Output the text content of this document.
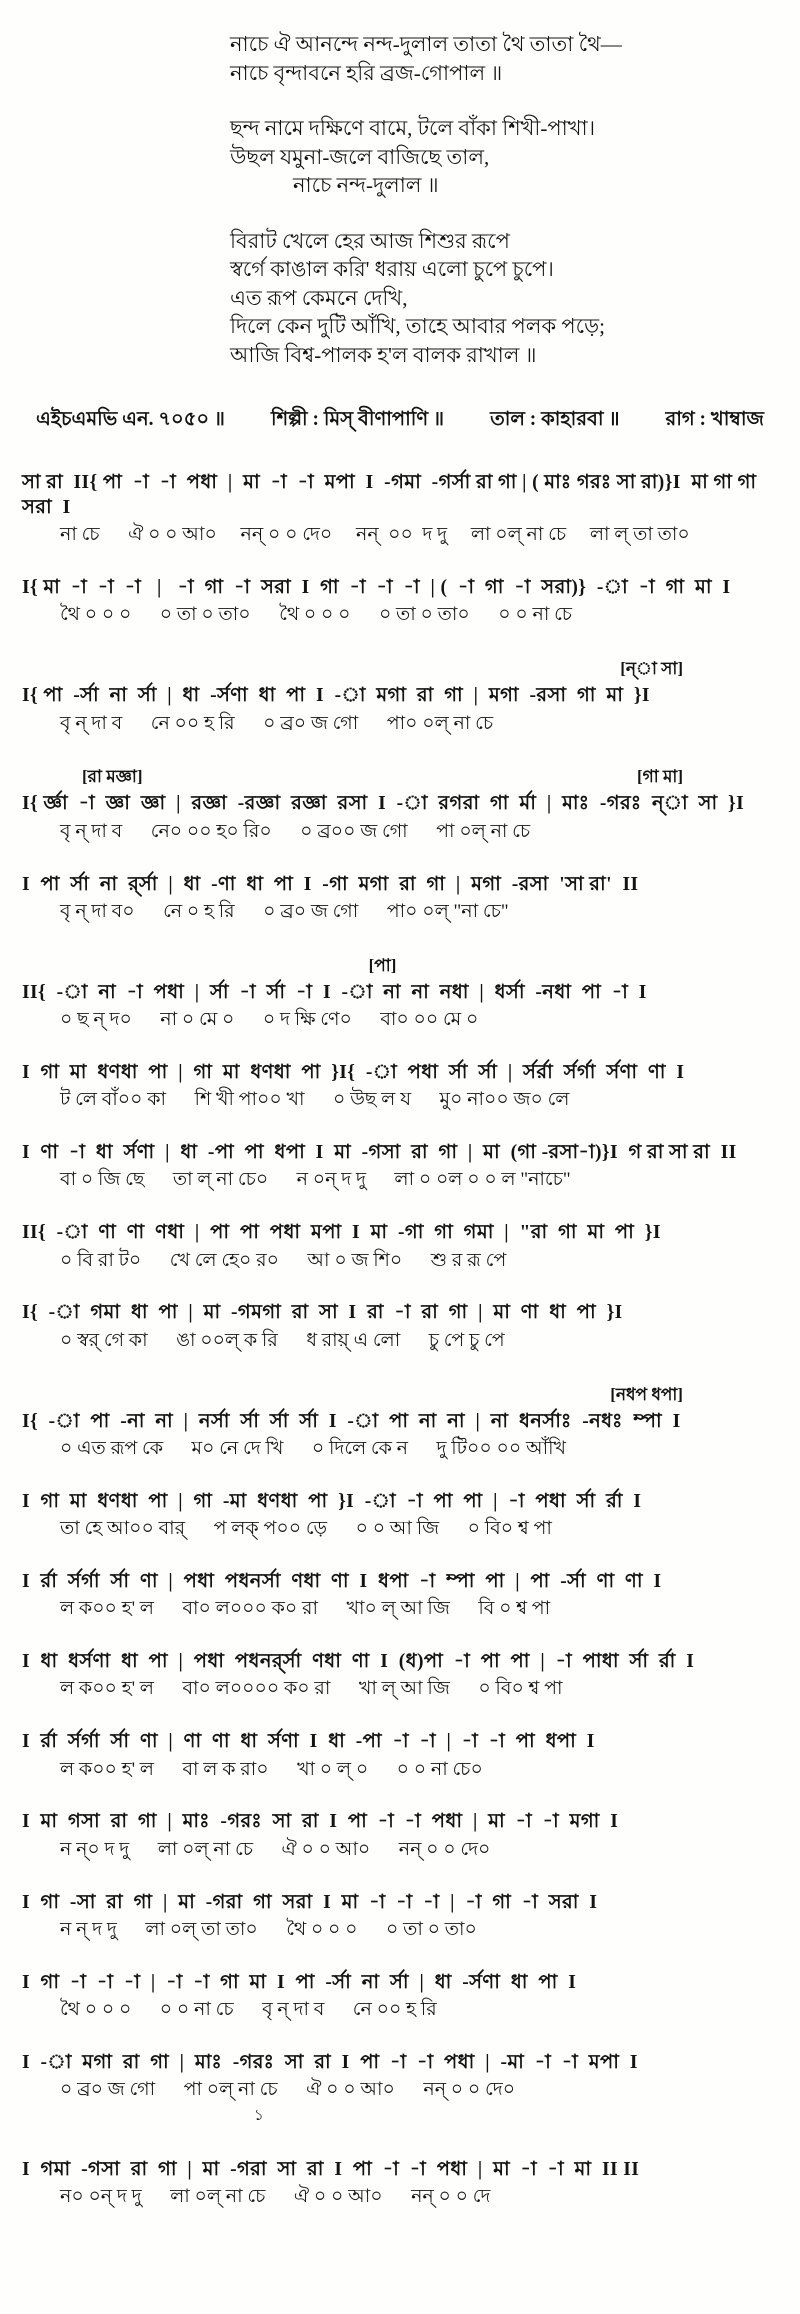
নাচে ঐ আনন্দে নন্দ-দুলাল তাতা থৈ তাতা থৈ—
নাচে বৃন্দাবনে হরি ব্রজ-গোপাল ॥
ছন্দ নামে দক্ষিণে বামে, টলে বাঁকা শিখী-পাখা।
উছল যমুনা-জলে বাজিছে তাল,
নাচে নন্দ-দুলাল ॥
বিরাট খেলে হের আজ শিশুর রূপে
স্বর্গে কাঙাল করি' ধরায় এলো চুপে চুপে।
এত রূপ কেমনে দেখি,
দিলে কেন দুটি আঁখি, তাহে আবার পলক পড়ে;
আজি বিশ্ব-পালক হ'ল বালক রাখাল ॥
এইচএমভি এন. ৭০৫০ ॥ শিল্পী : মিস্ বীণাপাণি ॥ তাল : কাহারবা ॥ রাগ : খাম্বাজ
সা রা  II{ পা  -া  -া  পধা  |  মা  -া  -া  মপা  I  -গমা  -গর্সা রা গা | ( মাঃ গরঃ সা রা)}I  মা গা গা সরা  I
না চে      ঐ ০ ০ আ০     নন্ ০ ০ দে০     নন্  ০০  দ দু     লা ০ল্ না চে     লা ল্ তা তা০
I{ মা  -া  -া  -া   |   -া  গা  -া  সরা  I  গা  -া  -া  -া  | (  -া  গা  -া  সরা)}  -া  -া  গা  মা  I
থৈ ০ ০ ০      ০ তা ০ তা০      থৈ ০ ০ ০      ০ তা ০ তা০      ০ ০ না চে
[ন্া সা]
I{ পা  -র্সা  না  র্সা  |  ধা  -র্সণা  ধা  পা  I  -া  মগা  রা  গা  |  মগা  -রসা  গা  মা  }I
বৃ ন্ দা ব      নে ০০ হ রি      ০ ব্র০ জ গো      পা০ ০ল্ না চে
[রা মজ্ঞা]	[গা মা]
I{ র্জ্ঞা  -া  জ্ঞা  জ্ঞা  |  রজ্ঞা  -রজ্ঞা  রজ্ঞা  রসা  I  -া  রগরা  গা  র্মা  |  মাঃ  -গরঃ  ন্া  সা  }I
বৃ ন্ দা ব      নে০ ০০ হ০ রি০      ০ ব্র০০ জ গো      পা ০ল্ না চে
I  পা  র্সা  না  র্র্সা  |  ধা  -ণা  ধা  পা  I  -গা  মগা  রা  গা  |  মগা  -রসা  'সা রা'  II
বৃ ন্ দা ব০      নে ০ হ রি      ০ ব্র০ জ গো      পা০ ০ল্ "না চে"
[পা]
II{  -া  না  -া  পধা  |  র্সা  -া  র্সা  -া  I  -া  না  না  নধা  |  ধর্সা  -নধা  পা  -া  I
০ ছ ন্ দ০      না ০ মে ০      ০ দ ক্ষি ণে০      বা০ ০০ মে ০
I  গা  মা  ধণধা  পা  |  গা  মা  ধণধা  পা  }I{  -া  পধা  র্সা  র্সা  |  র্সর্রা  র্সর্গা  র্সণা  ণা  I
ট লে বাঁ০০ কা      শি খী পা০০ খা      ০ উছ ল য      মু০ না০০ জ০ লে
I  ণা  -া  ধা  র্সণা  |  ধা  -পা  পা  ধপা  I  মা  -গসা  রা  গা  |  মা  (গা -রসা-া)}I  গ রা সা রা  II
বা ০ জি ছে      তা ল্ না চে০      ন ০ন্ দ দু      লা ০ ০ল ০ ০ ল "নাচে"
II{  -া  ণা  ণা  ণধা  |  পা  পা  পধা  মপা  I  মা  -গা  গা  গমা  |  "রা  গা  মা  পা  }I
০ বি রা ট০      খে লে হে০ র০      আ ০ জ শি০      শু র রূ পে
I{  -া  গমা  ধা  পা  |  মা  -গমগা  রা  সা  I  রা  -া  রা  গা  |  মা  ণা  ধা  পা  }I
০ স্বর্ গে কা      ঙা ০০ল্ ক রি      ধ রায়্ এ লো      চু পে চু পে
[নধপ ধপা]
I{  -া  পা  -না  না  |  নর্সা  র্সা  র্সা  র্সা  I  -া  পা  না  না  |  না  ধনর্সাঃ  -নধঃ  ম্পা  I
০ এত রূপ কে      ম০ নে দে খি      ০ দিলে কে ন      দু টি০০ ০০ আঁখি
I  গা  মা  ধণধা  পা  |  গা  -মা  ধণধা  পা  }I  -া  -া  পা  পা  |  -া  পধা  র্সা  র্রা  I
তা হে আ০০ বার্      প লক্ প০০ ড়ে      ০ ০ আ জি      ০ বি০ শ্ব পা
I  র্রা  র্সর্গা  র্সা  ণা  |  পধা  পধনর্সা  ণধা  ণা  I  ধপা  -া  ম্পা  পা  |  পা  -র্সা  ণা  ণা  I
ল ক০০ হ' ল      বা০ ল০০০ ক০ রা      খা০ ল্ আ জি      বি ০ শ্ব পা
I  ধা  ধর্সণা  ধা  পা  |  পধা  পধনর্র্সা  ণধা  ণা  I  (ধ)পা  -া  পা  পা  |  -া  পাধা  র্সা  র্রা  I
ল ক০০ হ' ল      বা০ ল০০০০ ক০ রা      খা ল্ আ জি      ০ বি০ শ্ব পা
I  র্রা  র্সর্গা  র্সা  ণা  |  ণা  ণা  ধা  র্সণা  I  ধা  -পা  -া  -া  |  -া  -া  পা  ধপা  I
ল ক০০ হ' ল      বা ল ক রা০      খা ০ ল্ ০      ০ ০ না চে০
I  মা  গসা  রা  গা  |  মাঃ  -গরঃ  সা  রা  I  পা  -া  -া  পধা  |  মা  -া  -া  মগা  I
ন ন্০ দ দু      লা ০ল্ না চে      ঐ ০ ০ আ০      নন্ ০ ০ দে০
I  গা  -সা  রা  গা  |  মা  -গরা  গা  সরা  I  মা  -া  -া  -া  |  -া  গা  -া  সরা  I
ন ন্ দ দু      লা ০ল্ তা তা০      থৈ ০ ০ ০      ০ তা ০ তা০
I  গা  -া  -া  -া  |  -া  -া  গা  মা  I  পা  -র্সা  না  র্সা  |  ধা  -র্সণা  ধা  পা  I
থৈ ০ ০ ০      ০ ০ না চে      বৃ ন্ দা ব      নে ০০ হ রি
I  -া  মগা  রা  গা  |  মাঃ  -গরঃ  সা  রা  I  পা  -া  -া  পধা  |  -মা  -া  -া  মপা  I
০ ব্র০ জ গো      পা ০ল্ না চে      ঐ ০ ০ আ০      নন্ ০ ০ দে০
১
I  গমা  -গসা  রা  গা  |  মা  -গরা  সা  রা  I  পা  -া  -া  পধা  |  মা  -া  -া  মা  II II
ন০ ০ন্ দ দু      লা ০ল্ না চে      ঐ ০ ০ আ০      নন্ ০ ০ দে
